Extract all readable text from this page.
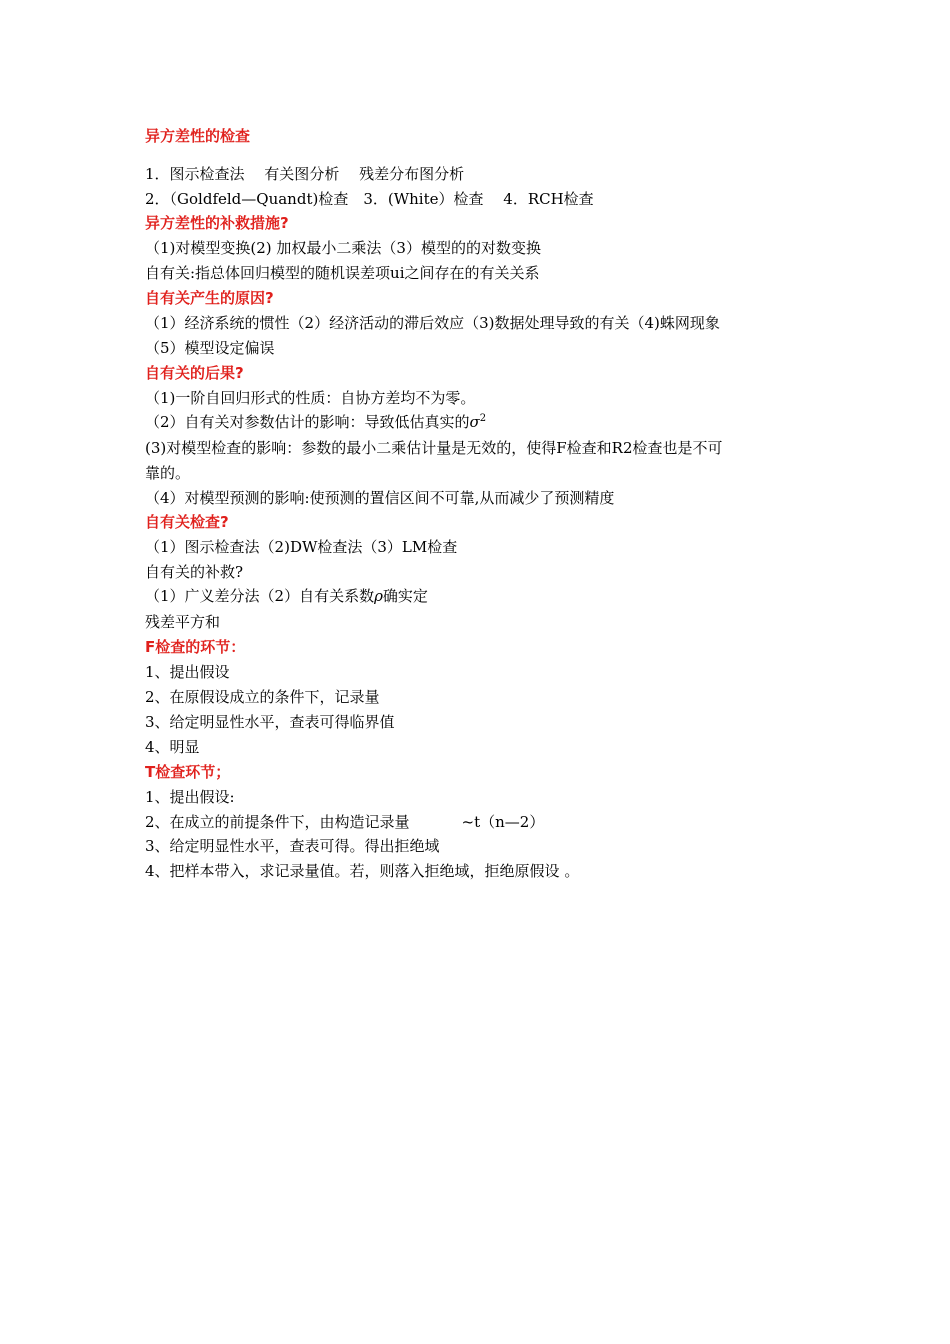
异方差性的检查
1．图示检查法　 有关图分析　 残差分布图分析
2．（Goldfeld—Quandt)检查　3．(White）检查　 4．RCH检查
异方差性的补救措施?
（1)对模型变换(2) 加权最小二乘法（3）模型的的对数变换
自有关:指总体回归模型的随机误差项ui之间存在的有关关系
自有关产生的原因?
（1）经济系统的惯性（2）经济活动的滞后效应（3)数据处理导致的有关（4)蛛网现象
（5）模型设定偏误
自有关的后果?
（1)一阶自回归形式的性质：自协方差均不为零。
（2）自有关对参数估计的影响：导致低估真实的$\sigma^2$
(3)对模型检查的影响：参数的最小二乘估计量是无效的，使得F检查和R2检查也是不可
靠的。
（4）对模型预测的影响:使预测的置信区间不可靠,从而减少了预测精度
自有关检查?
（1）图示检查法（2)DW检查法（3）LM检查
自有关的补救?
（1）广义差分法（2）自有关系数ρ确实定
残差平方和
F检查的环节：
1、提出假设
2、在原假设成立的条件下，记录量
3、给定明显性水平，查表可得临界值
4、明显
T检查环节；
1、提出假设:
2、在成立的前提条件下，由构造记录量	~t（n—2）
3、给定明显性水平，查表可得。得出拒绝域
4、把样本带入，求记录量值。若，则落入拒绝域，拒绝原假设 。
